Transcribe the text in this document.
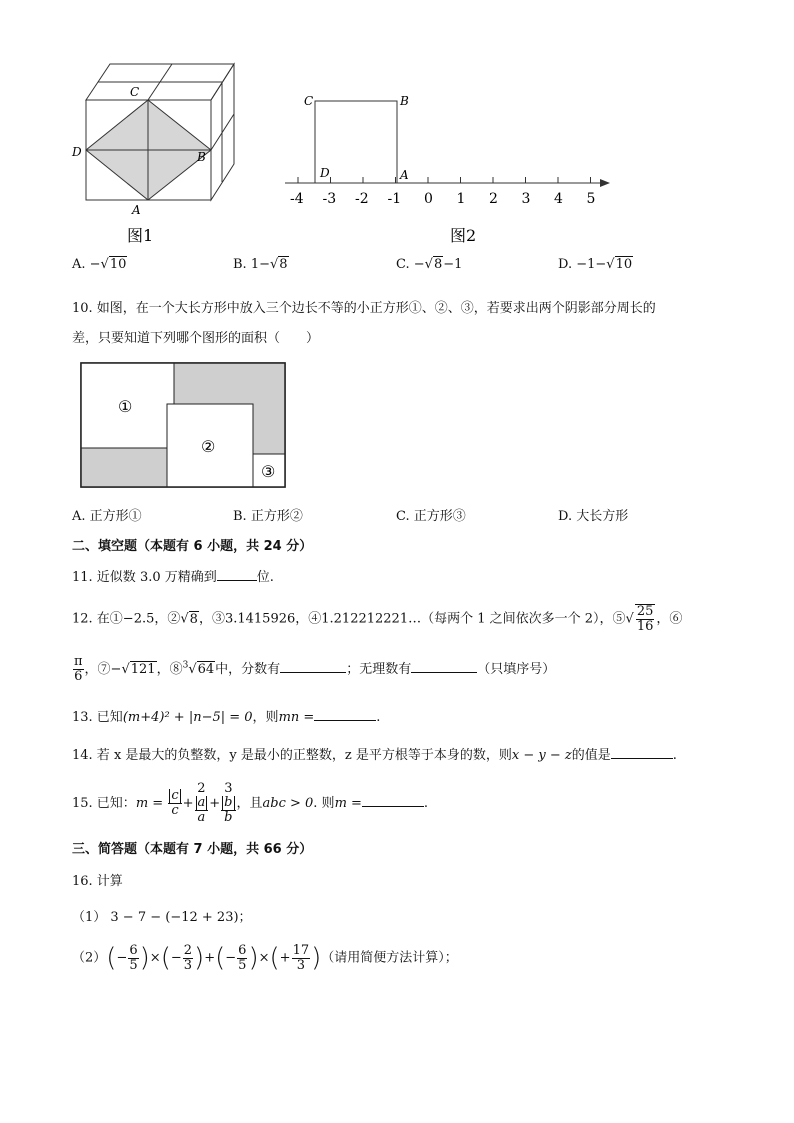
C
D	B
A
图1
C	B
D	A
-4 -3 -2 -1 0 1 2 3 4 5
图2
A. −√10	B. 1−√8	C. −√8−1	D. −1−√10
10. 如图，在一个大长方形中放入三个边长不等的小正方形①、②、③，若要求出两个阴影部分周长的
差，只要知道下列哪个图形的面积（　　）
①
②
③
A. 正方形①	B. 正方形②	C. 正方形③	D. 大长方形
二、填空题（本题有 6 小题，共 24 分）
11. 近似数 3.0 万精确到	位.
12. 在①−2.5，②√8，③3.1415926，④1.212212221…（每两个 1 之间依次多一个 2），⑤√ $\frac{25}{16}$ ，⑥
$\frac{\pi}{6}$ ，⑦−√121，⑧$^3$√64中，分数有	；无理数有	（只填序号）
13. 已知(m+4)² + |n−5| = 0，则mn =	.
14. 若 x 是最大的负整数，y 是最小的正整数，z 是平方根等于本身的数，则x − y − z的值是	.
15. 已知：$m = \frac{c}{c} + 2$
a
a + 3
b
b ，且abc > 0. 则m =	.
三、简答题（本题有 7 小题，共 66 分）
16. 计算
（1） 3 − 7 − (−12 + 23)；
$(2)(- \frac{6}{5}$ )×(− $\frac{2}{3}$ )+(− $\frac{6}{5}$ )×(+ $\frac{17}{3}$ )（请用简便方法计算）；
